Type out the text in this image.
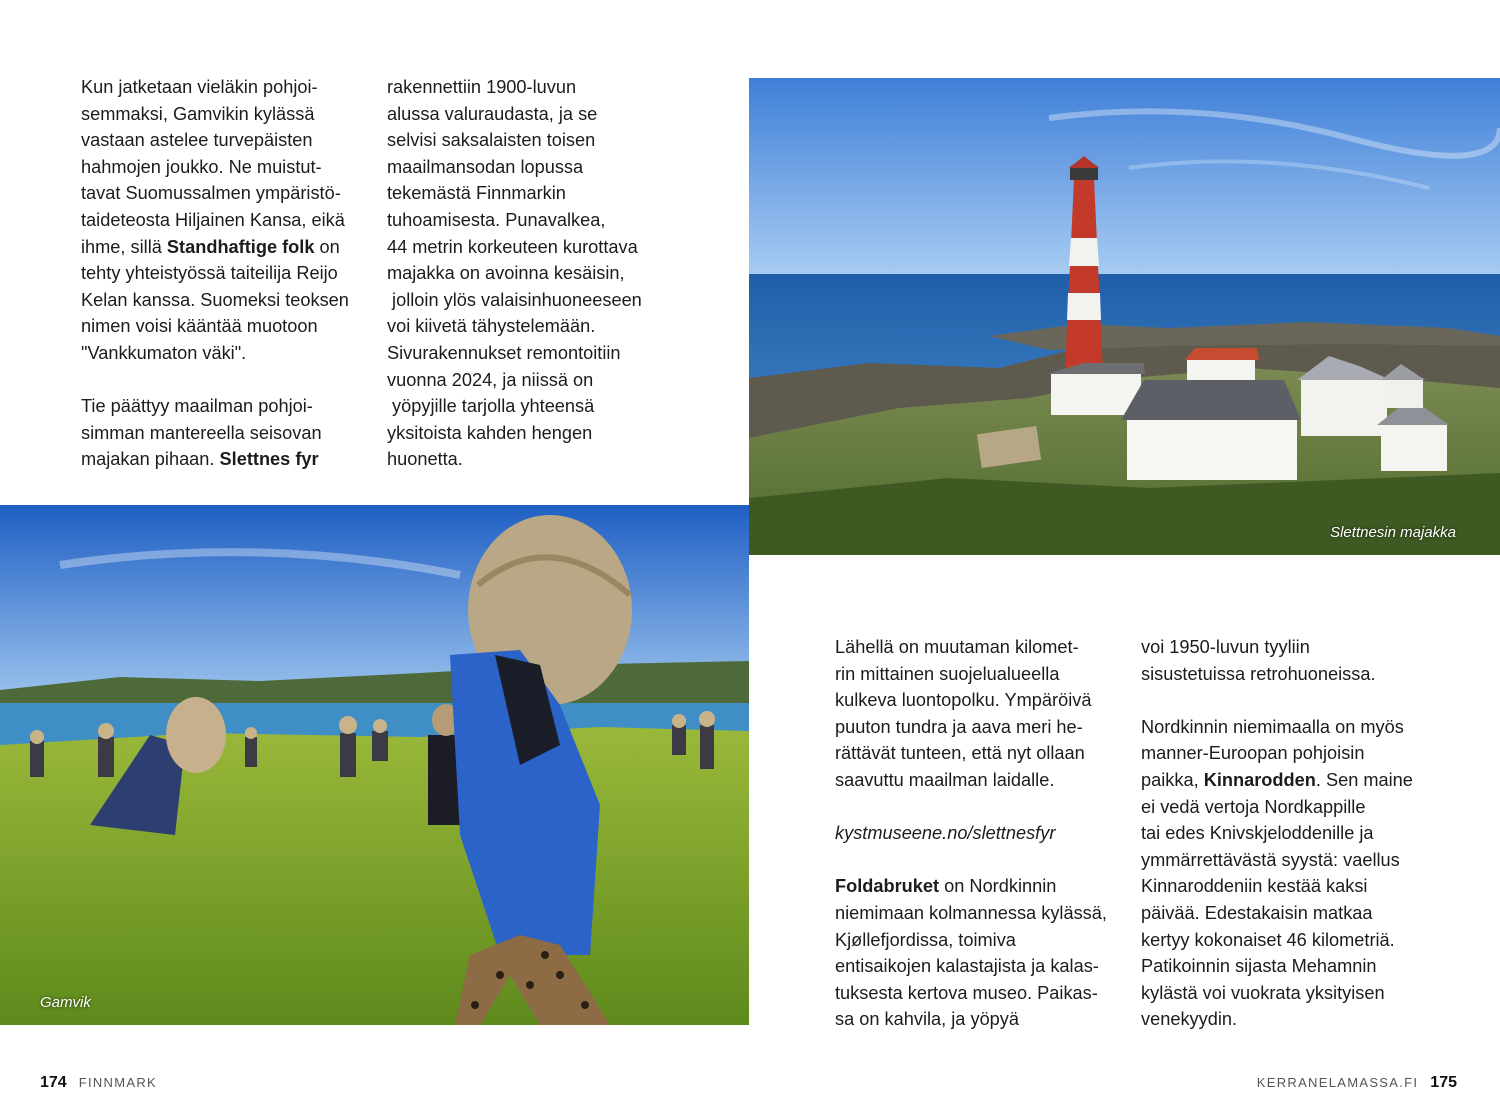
Kun jatketaan vieläkin pohjoi-
semmaksi, Gamvikin kylässä
vastaan astelee turvepäisten
hahmojen joukko. Ne muistut-
tavat Suomussalmen ympäristö-
taideteosta Hiljainen Kansa, eikä
ihme, sillä Standhaftige folk on
tehty yhteistyössä taiteilija Reijo
Kelan kanssa. Suomeksi teoksen
nimen voisi kääntää muotoon
"Vankkumaton väki".

Tie päättyy maailman pohjoi-
simman mantereella seisovan
majakan pihaan. Slettnes fyr

rakennettiin 1900-luvun
alussa valuraudasta, ja se
selvisi saksalaisten toisen
maailmansodan lopussa
tekemästä Finnmarkin
tuhoamisesta. Punavalkea,
44 metrin korkeuteen kurottava
majakka on avoinna kesäisin,
jolloin ylös valaisinhuoneeseen
voi kiivetä tähystelemään.
Sivurakennukset remontoitiin
vuonna 2024, ja niissä on
yöpyjille tarjolla yhteensä
yksitoista kahden hengen
huonetta.

Slettnesin majakka
Gamvik

Lähellä on muutaman kilomet-
rin mittainen suojelualueella
kulkeva luontopolku. Ympäröivä
puuton tundra ja aava meri he-
rättävät tunteen, että nyt ollaan
saavuttu maailman laidalle.

kystmuseene.no/slettnesfyr

Foldabruket on Nordkinnin
niemimaan kolmannessa kylässä,
Kjøllefjordissa, toimiva
entisaikojen kalastajista ja kalas-
tuksesta kertova museo. Paikas-
sa on kahvila, ja yöpyä

voi 1950-luvun tyyliin
sisustetuissa retrohuoneissa.

Nordkinnin niemimaalla on myös
manner-Euroopan pohjoisin
paikka, Kinnarodden. Sen maine
ei vedä vertoja Nordkappille
tai edes Knivskjeloddenille ja
ymmärrettävästä syystä: vaellus
Kinnaroddeniin kestää kaksi
päivää. Edestakaisin matkaa
kertyy kokonaiset 46 kilometriä.
Patikoinnin sijasta Mehamnin
kylästä voi vuokrata yksityisen
venekyydin.

174 FINNMARK	KERRANELAMASSA.FI 175
